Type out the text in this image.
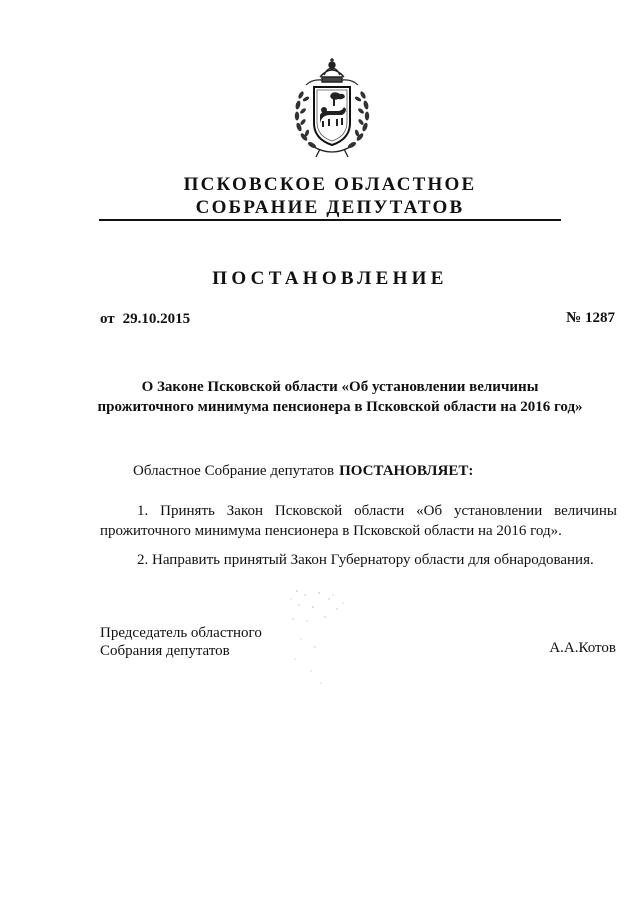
ПСКОВСКОЕ ОБЛАСТНОЕ
СОБРАНИЕ ДЕПУТАТОВ
ПОСТАНОВЛЕНИЕ
от 29.10.2015	№ 1287
О Законе Псковской области «Об установлении величины
прожиточного минимума пенсионера в Псковской области на 2016 год»
Областное Собрание депутатов ПОСТАНОВЛЯЕТ:
1. Принять Закон Псковской области «Об установлении величины прожиточного минимума пенсионера в Псковской области на 2016 год».
2. Направить принятый Закон Губернатору области для обнародования.
Председатель областного
Собрания депутатов	А.А.Котов
